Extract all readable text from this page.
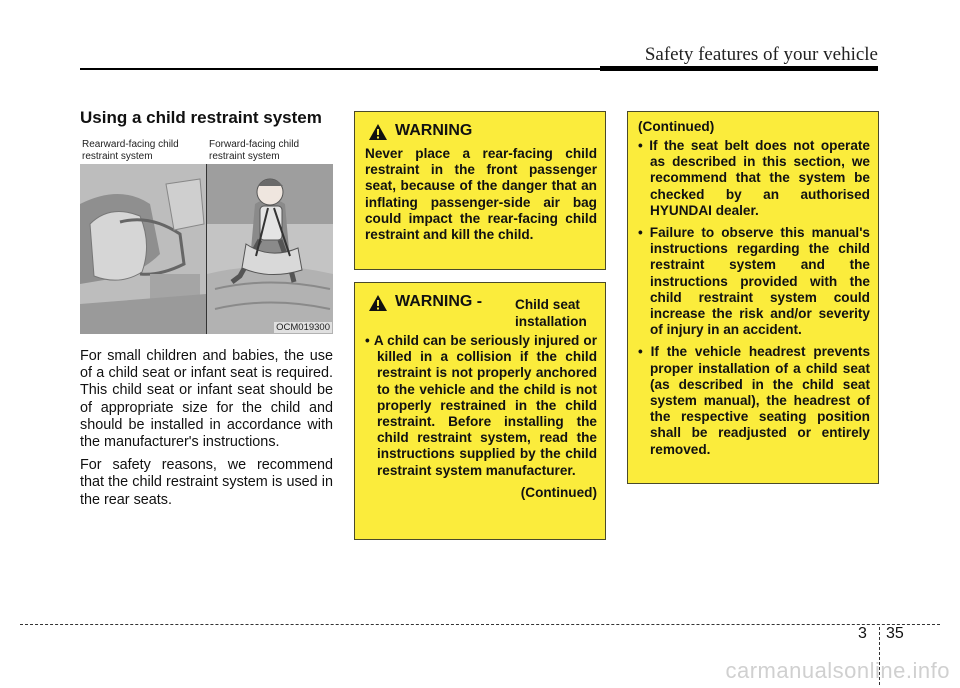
Safety features of your vehicle
Using a child restraint system
Rearward-facing child restraint system
Forward-facing child restraint system
OCM019300

For small children and babies, the use of a child seat or infant seat is required. This child seat or infant seat should be of appropriate size for the child and should be installed in accordance with the manufacturer's instructions.

For safety reasons, we recommend that the child restraint system is used in the rear seats.

WARNING
Never place a rear-facing child restraint in the front passenger seat, because of the danger that an inflating passenger-side air bag could impact the rear-facing child restraint and kill the child.
WARNING - Child seat
installation
• A child can be seriously injured or killed in a collision if the child restraint is not properly anchored to the vehicle and the child is not properly restrained in the child restraint. Before installing the child restraint system, read the instructions supplied by the child restraint system manufacturer.
(Continued)
(Continued)
• If the seat belt does not operate as described in this section, we recommend that the system be checked by an authorised HYUNDAI dealer.
• Failure to observe this manual's instructions regarding the child restraint system and the instructions provided with the child restraint system could increase the risk and/or severity of injury in an accident.
• If the vehicle headrest prevents proper installation of a child seat (as described in the child seat system manual), the headrest of the respective seating position shall be readjusted or entirely removed.
3 35
carmanualsonline.info
